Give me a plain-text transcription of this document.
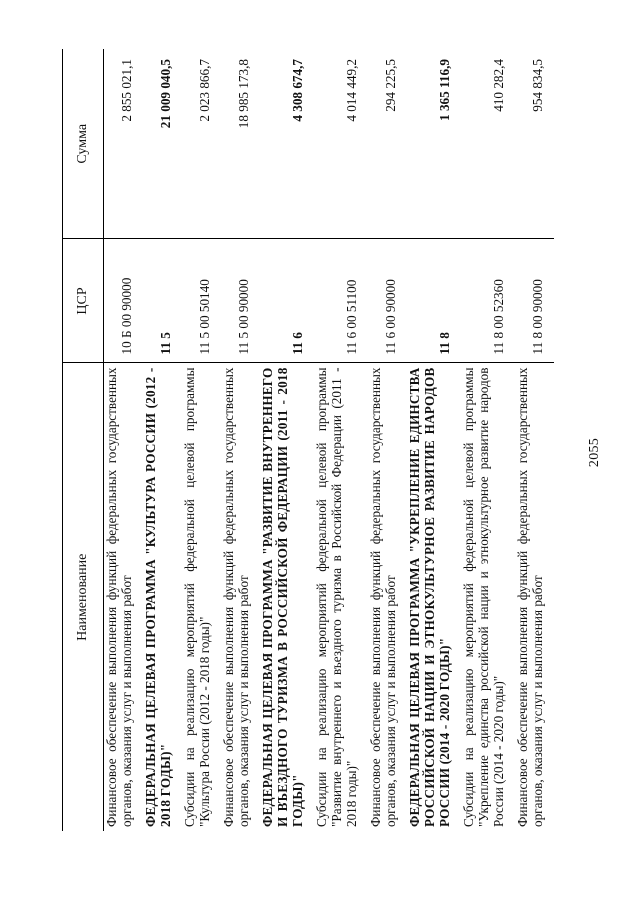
2055
Наименование	ЦСР	Сумма
Финансовое обеспечение выполнения функций федеральных государственных органов, оказания услуг и выполнения работ	10 Б 00 90000	2 855 021,1
ФЕДЕРАЛЬНАЯ ЦЕЛЕВАЯ ПРОГРАММА "КУЛЬТУРА РОССИИ (2012 - 2018 ГОДЫ)"	11 5	21 009 040,5
Субсидии на реализацию мероприятий федеральной целевой программы "Культура России (2012 - 2018 годы)"	11 5 00 50140	2 023 866,7
Финансовое обеспечение выполнения функций федеральных государственных органов, оказания услуг и выполнения работ	11 5 00 90000	18 985 173,8
ФЕДЕРАЛЬНАЯ ЦЕЛЕВАЯ ПРОГРАММА "РАЗВИТИЕ ВНУТРЕННЕГО И ВЪЕЗДНОГО ТУРИЗМА В РОССИЙСКОЙ ФЕДЕРАЦИИ (2011 - 2018 ГОДЫ)"	11 6	4 308 674,7
Субсидии на реализацию мероприятий федеральной целевой программы "Развитие внутреннего и въездного туризма в Российской Федерации (2011 - 2018 годы)"	11 6 00 51100	4 014 449,2
Финансовое обеспечение выполнения функций федеральных государственных органов, оказания услуг и выполнения работ	11 6 00 90000	294 225,5
ФЕДЕРАЛЬНАЯ ЦЕЛЕВАЯ ПРОГРАММА "УКРЕПЛЕНИЕ ЕДИНСТВА РОССИЙСКОЙ НАЦИИ И ЭТНОКУЛЬТУРНОЕ РАЗВИТИЕ НАРОДОВ РОССИИ (2014 - 2020 ГОДЫ)"	11 8	1 365 116,9
Субсидии на реализацию мероприятий федеральной целевой программы "Укрепление единства российской нации и этнокультурное развитие народов России (2014 - 2020 годы)"	11 8 00 52360	410 282,4
Финансовое обеспечение выполнения функций федеральных государственных органов, оказания услуг и выполнения работ	11 8 00 90000	954 834,5
